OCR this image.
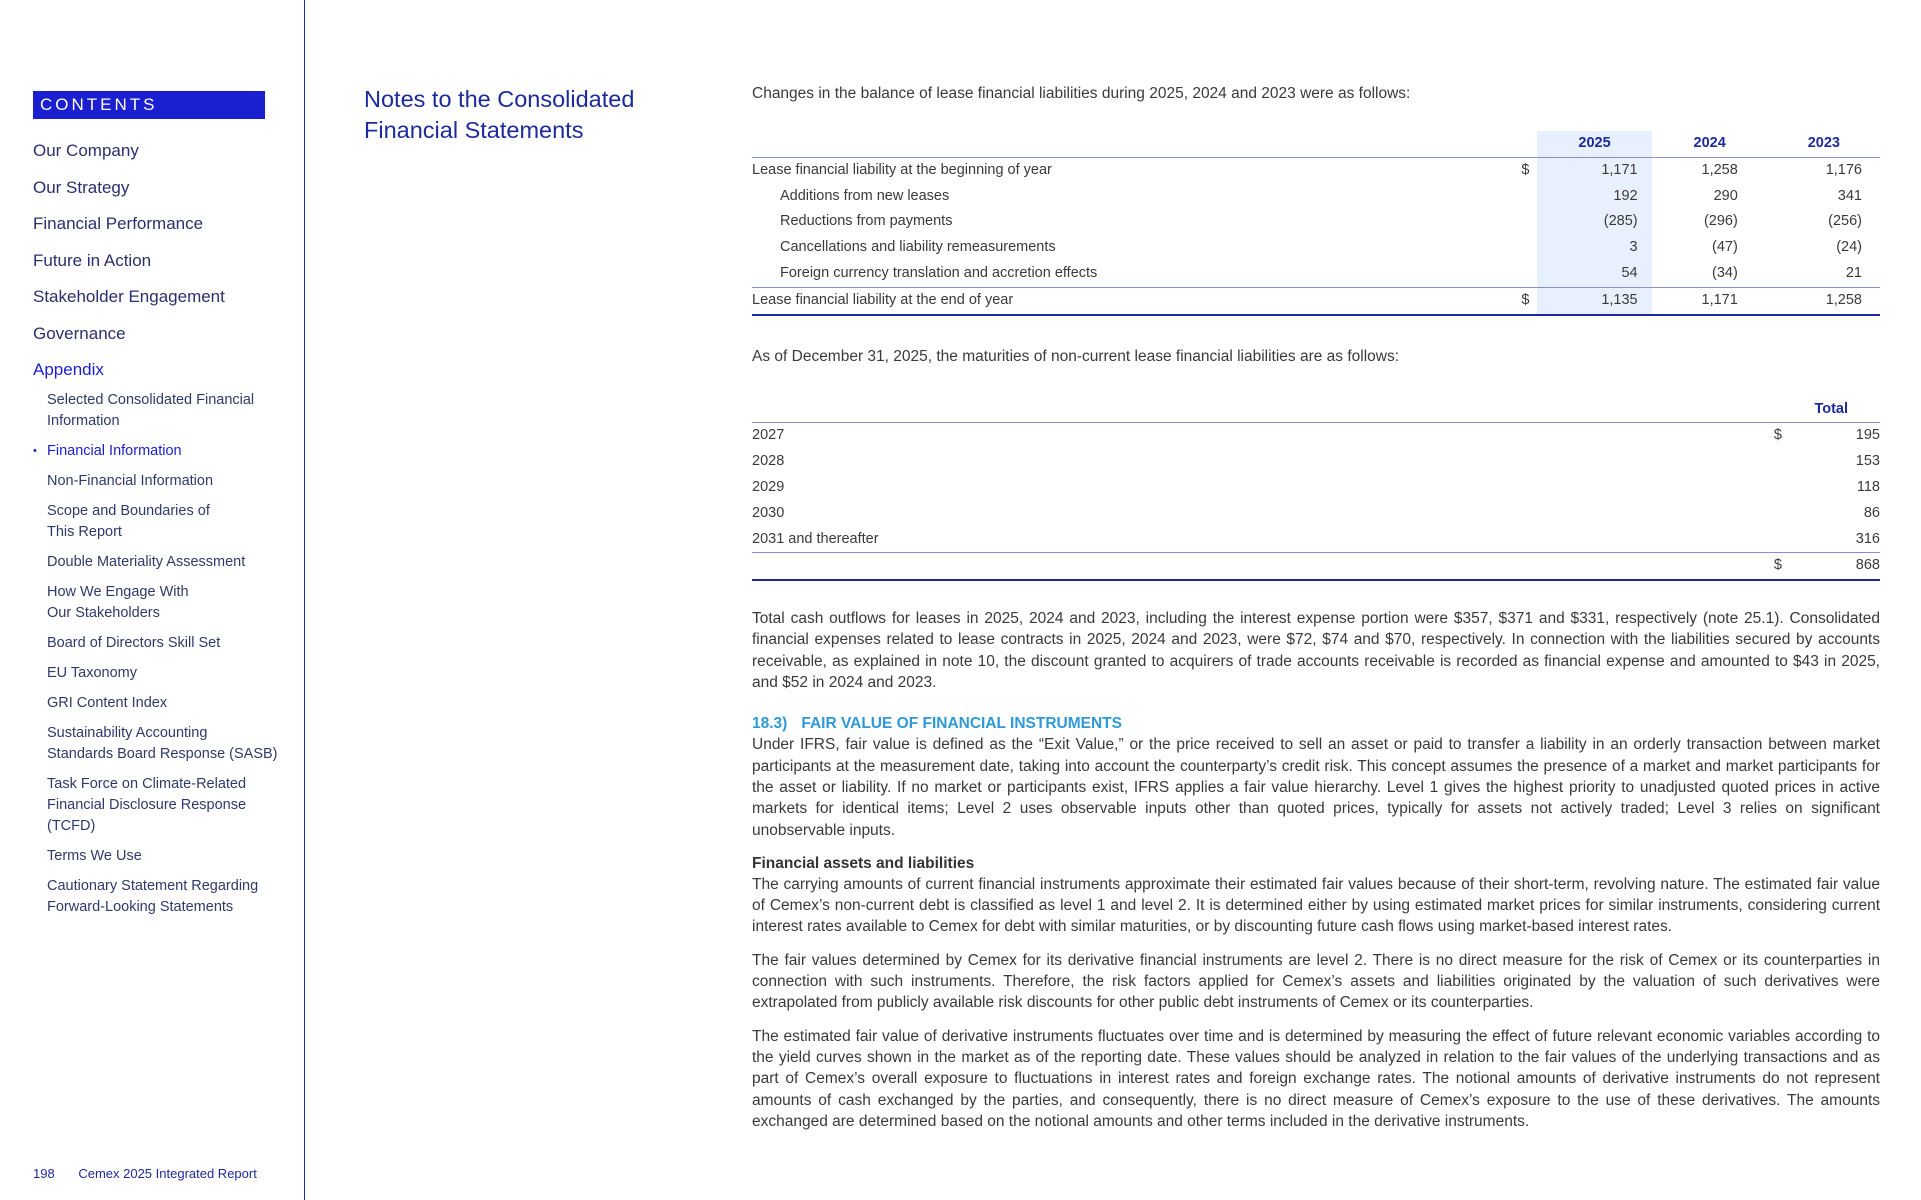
CONTENTS
Our Company
Our Strategy
Financial Performance
Future in Action
Stakeholder Engagement
Governance
Appendix
Selected Consolidated Financial
Information
• Financial Information
Non-Financial Information
Scope and Boundaries of
This Report
Double Materiality Assessment
How We Engage With
Our Stakeholders
Board of Directors Skill Set
EU Taxonomy
GRI Content Index
Sustainability Accounting
Standards Board Response (SASB)
Task Force on Climate-Related
Financial Disclosure Response
(TCFD)
Terms We Use
Cautionary Statement Regarding
Forward-Looking Statements
198 Cemex 2025 Integrated Report
Notes to the Consolidated
Financial Statements

Changes in the balance of lease financial liabilities during 2025, 2024 and 2023 were as follows:

		2025	2024	2023
Lease financial liability at the beginning of year	$	1,171	1,258	1,176
Additions from new leases		192	290	341
Reductions from payments		(285)	(296)	(256)
Cancellations and liability remeasurements		3	(47)	(24)
Foreign currency translation and accretion effects		54	(34)	21
Lease financial liability at the end of year	$	1,135	1,171	1,258

As of December 31, 2025, the maturities of non-current lease financial liabilities are as follows:

		Total
2027	$	195
2028		153
2029		118
2030		86
2031 and thereafter		316
	$	868

Total cash outflows for leases in 2025, 2024 and 2023, including the interest expense portion were $357, $371 and $331, respectively (note 25.1). Consolidated financial expenses related to lease contracts in 2025, 2024 and 2023, were $72, $74 and $70, respectively. In connection with the liabilities secured by accounts receivable, as explained in note 10, the discount granted to acquirers of trade accounts receivable is recorded as financial expense and amounted to $43 in 2025, and $52 in 2024 and 2023.

18.3) FAIR VALUE OF FINANCIAL INSTRUMENTS

Under IFRS, fair value is defined as the “Exit Value,” or the price received to sell an asset or paid to transfer a liability in an orderly transaction between market participants at the measurement date, taking into account the counterparty’s credit risk. This concept assumes the presence of a market and market participants for the asset or liability. If no market or participants exist, IFRS applies a fair value hierarchy. Level 1 gives the highest priority to unadjusted quoted prices in active markets for identical items; Level 2 uses observable inputs other than quoted prices, typically for assets not actively traded; Level 3 relies on significant unobservable inputs.

Financial assets and liabilities

The carrying amounts of current financial instruments approximate their estimated fair values because of their short-term, revolving nature. The estimated fair value of Cemex’s non-current debt is classified as level 1 and level 2. It is determined either by using estimated market prices for similar instruments, considering current interest rates available to Cemex for debt with similar maturities, or by discounting future cash flows using market-based interest rates.

The fair values determined by Cemex for its derivative financial instruments are level 2. There is no direct measure for the risk of Cemex or its counterparties in connection with such instruments. Therefore, the risk factors applied for Cemex’s assets and liabilities originated by the valuation of such derivatives were extrapolated from publicly available risk discounts for other public debt instruments of Cemex or its counterparties.

The estimated fair value of derivative instruments fluctuates over time and is determined by measuring the effect of future relevant economic variables according to the yield curves shown in the market as of the reporting date. These values should be analyzed in relation to the fair values of the underlying transactions and as part of Cemex’s overall exposure to fluctuations in interest rates and foreign exchange rates. The notional amounts of derivative instruments do not represent amounts of cash exchanged by the parties, and consequently, there is no direct measure of Cemex’s exposure to the use of these derivatives. The amounts exchanged are determined based on the notional amounts and other terms included in the derivative instruments.
